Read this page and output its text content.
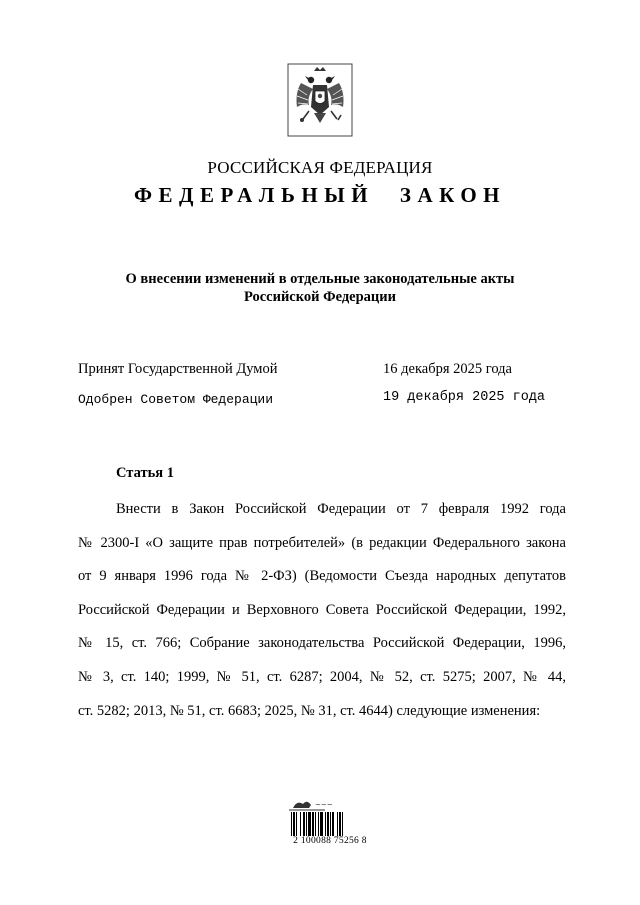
РОССИЙСКАЯ ФЕДЕРАЦИЯ
ФЕДЕРАЛЬНЫЙ ЗАКОН
О внесении изменений в отдельные законодательные акты
Российской Федерации
Принят Государственной Думой	16 декабря 2025 года
Одобрен Советом Федерации	19 декабря 2025 года
Статья 1
Внести в Закон Российской Федерации от 7 февраля 1992 года
№ 2300-I «О защите прав потребителей» (в редакции Федерального закона
от 9 января 1996 года № 2-ФЗ) (Ведомости Съезда народных депутатов
Российской Федерации и Верховного Совета Российской Федерации, 1992,
№ 15, ст. 766; Собрание законодательства Российской Федерации, 1996,
№ 3, ст. 140; 1999, № 51, ст. 6287; 2004, № 52, ст. 5275; 2007, № 44,
ст. 5282; 2013, № 51, ст. 6683; 2025, № 31, ст. 4644) следующие изменения:
~~~
2 100088 75256 8
